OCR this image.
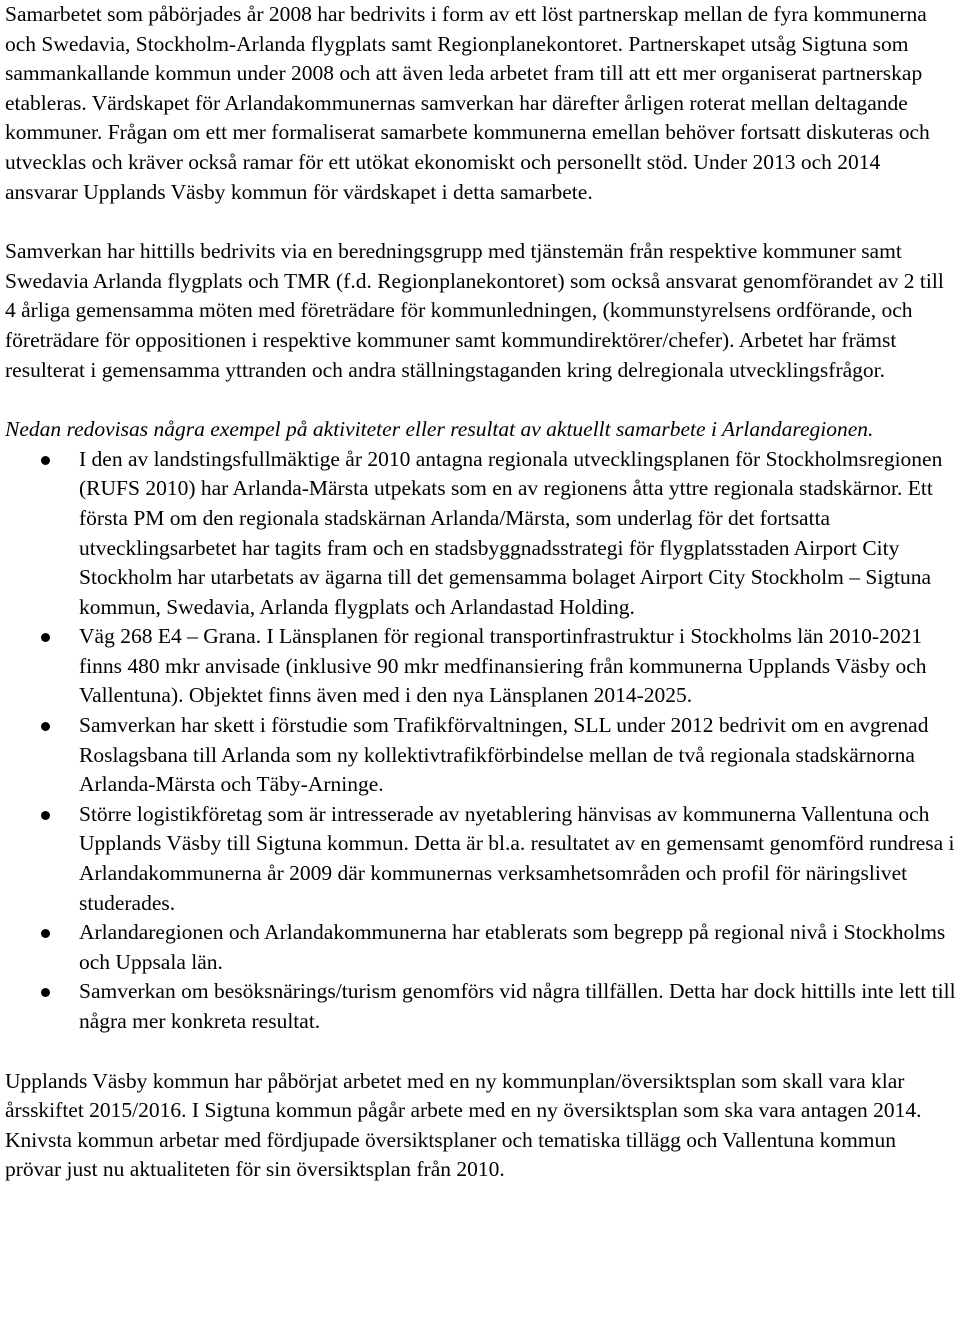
Samarbetet som påbörjades år 2008 har bedrivits i form av ett löst partnerskap mellan de fyra kommunerna och Swedavia, Stockholm-Arlanda flygplats samt Regionplanekontoret. Partnerskapet utsåg Sigtuna som sammankallande kommun under 2008 och att även leda arbetet fram till att ett mer organiserat partnerskap etableras. Värdskapet för Arlandakommunernas samverkan har därefter årligen roterat mellan deltagande kommuner. Frågan om ett mer formaliserat samarbete kommunerna emellan behöver fortsatt diskuteras och utvecklas och kräver också ramar för ett utökat ekonomiskt och personellt stöd. Under 2013 och 2014 ansvarar Upplands Väsby kommun för värdskapet i detta samarbete.

Samverkan har hittills bedrivits via en beredningsgrupp med tjänstemän från respektive kommuner samt Swedavia Arlanda flygplats och TMR (f.d. Regionplanekontoret) som också ansvarat genomförandet av 2 till 4 årliga gemensamma möten med företrädare för kommunledningen, (kommunstyrelsens ordförande, och företrädare för oppositionen i respektive kommuner samt kommundirektörer/chefer). Arbetet har främst resulterat i gemensamma yttranden och andra ställningstaganden kring delregionala utvecklingsfrågor.

Nedan redovisas några exempel på aktiviteter eller resultat av aktuellt samarbete i Arlandaregionen.

I den av landstingsfullmäktige år 2010 antagna regionala utvecklingsplanen för Stockholmsregionen (RUFS 2010) har Arlanda-Märsta utpekats som en av regionens åtta yttre regionala stadskärnor. Ett första PM om den regionala stadskärnan Arlanda/Märsta, som underlag för det fortsatta utvecklingsarbetet har tagits fram och en stadsbyggnadsstrategi för flygplatsstaden Airport City Stockholm har utarbetats av ägarna till det gemensamma bolaget Airport City Stockholm – Sigtuna kommun, Swedavia, Arlanda flygplats och Arlandastad Holding.
Väg 268 E4 – Grana. I Länsplanen för regional transportinfrastruktur i Stockholms län 2010-2021 finns 480 mkr anvisade (inklusive 90 mkr medfinansiering från kommunerna Upplands Väsby och Vallentuna). Objektet finns även med i den nya Länsplanen 2014-2025.
Samverkan har skett i förstudie som Trafikförvaltningen, SLL under 2012 bedrivit om en avgrenad Roslagsbana till Arlanda som ny kollektivtrafikförbindelse mellan de två regionala stadskärnorna Arlanda-Märsta och Täby-Arninge.
Större logistikföretag som är intresserade av nyetablering hänvisas av kommunerna Vallentuna och Upplands Väsby till Sigtuna kommun. Detta är bl.a. resultatet av en gemensamt genomförd rundresa i Arlandakommunerna år 2009 där kommunernas verksamhetsområden och profil för näringslivet studerades.
Arlandaregionen och Arlandakommunerna har etablerats som begrepp på regional nivå i Stockholms och Uppsala län.
Samverkan om besöksnärings/turism genomförs vid några tillfällen. Detta har dock hittills inte lett till några mer konkreta resultat.

Upplands Väsby kommun har påbörjat arbetet med en ny kommunplan/översiktsplan som skall vara klar årsskiftet 2015/2016. I Sigtuna kommun pågår arbete med en ny översiktsplan som ska vara antagen 2014. Knivsta kommun arbetar med fördjupade översiktsplaner och tematiska tillägg och Vallentuna kommun prövar just nu aktualiteten för sin översiktsplan från 2010.
